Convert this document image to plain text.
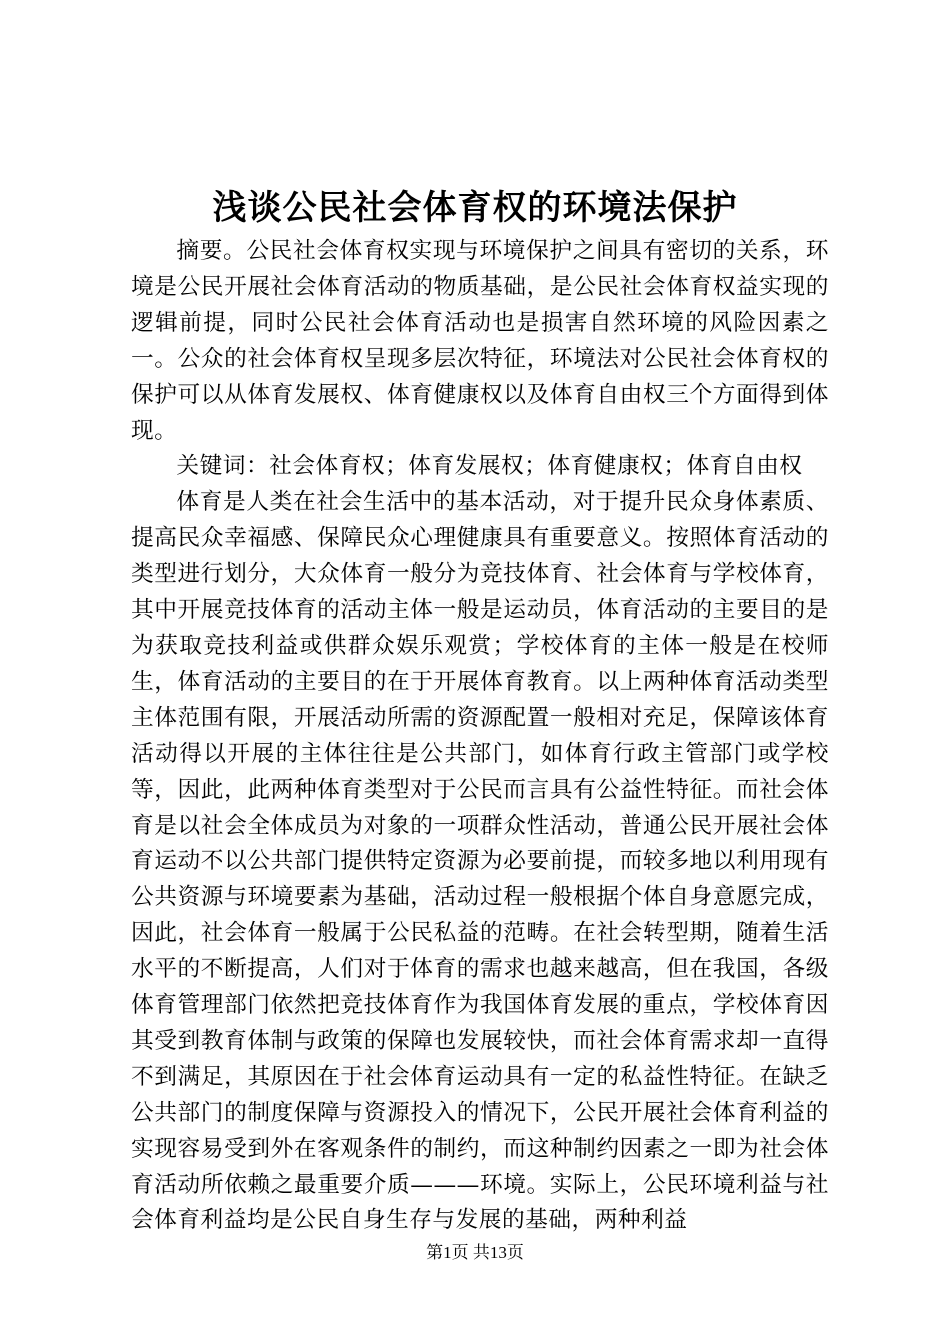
浅谈公民社会体育权的环境法保护

摘要。公民社会体育权实现与环境保护之间具有密切的关系，环境是公民开展社会体育活动的物质基础，是公民社会体育权益实现的逻辑前提，同时公民社会体育活动也是损害自然环境的风险因素之一。公众的社会体育权呈现多层次特征，环境法对公民社会体育权的保护可以从体育发展权、体育健康权以及体育自由权三个方面得到体现。

关键词：社会体育权；体育发展权；体育健康权；体育自由权

体育是人类在社会生活中的基本活动，对于提升民众身体素质、提高民众幸福感、保障民众心理健康具有重要意义。按照体育活动的类型进行划分，大众体育一般分为竞技体育、社会体育与学校体育，其中开展竞技体育的活动主体一般是运动员，体育活动的主要目的是为获取竞技利益或供群众娱乐观赏；学校体育的主体一般是在校师生，体育活动的主要目的在于开展体育教育。以上两种体育活动类型主体范围有限，开展活动所需的资源配置一般相对充足，保障该体育活动得以开展的主体往往是公共部门，如体育行政主管部门或学校等，因此，此两种体育类型对于公民而言具有公益性特征。而社会体育是以社会全体成员为对象的一项群众性活动，普通公民开展社会体育运动不以公共部门提供特定资源为必要前提，而较多地以利用现有公共资源与环境要素为基础，活动过程一般根据个体自身意愿完成，因此，社会体育一般属于公民私益的范畴。在社会转型期，随着生活水平的不断提高，人们对于体育的需求也越来越高，但在我国，各级体育管理部门依然把竞技体育作为我国体育发展的重点，学校体育因其受到教育体制与政策的保障也发展较快，而社会体育需求却一直得不到满足，其原因在于社会体育运动具有一定的私益性特征。在缺乏公共部门的制度保障与资源投入的情况下，公民开展社会体育利益的实现容易受到外在客观条件的制约，而这种制约因素之一即为社会体育活动所依赖之最重要介质———环境。实际上，公民环境利益与社会体育利益均是公民自身生存与发展的基础，两种利益

第1页 共13页
